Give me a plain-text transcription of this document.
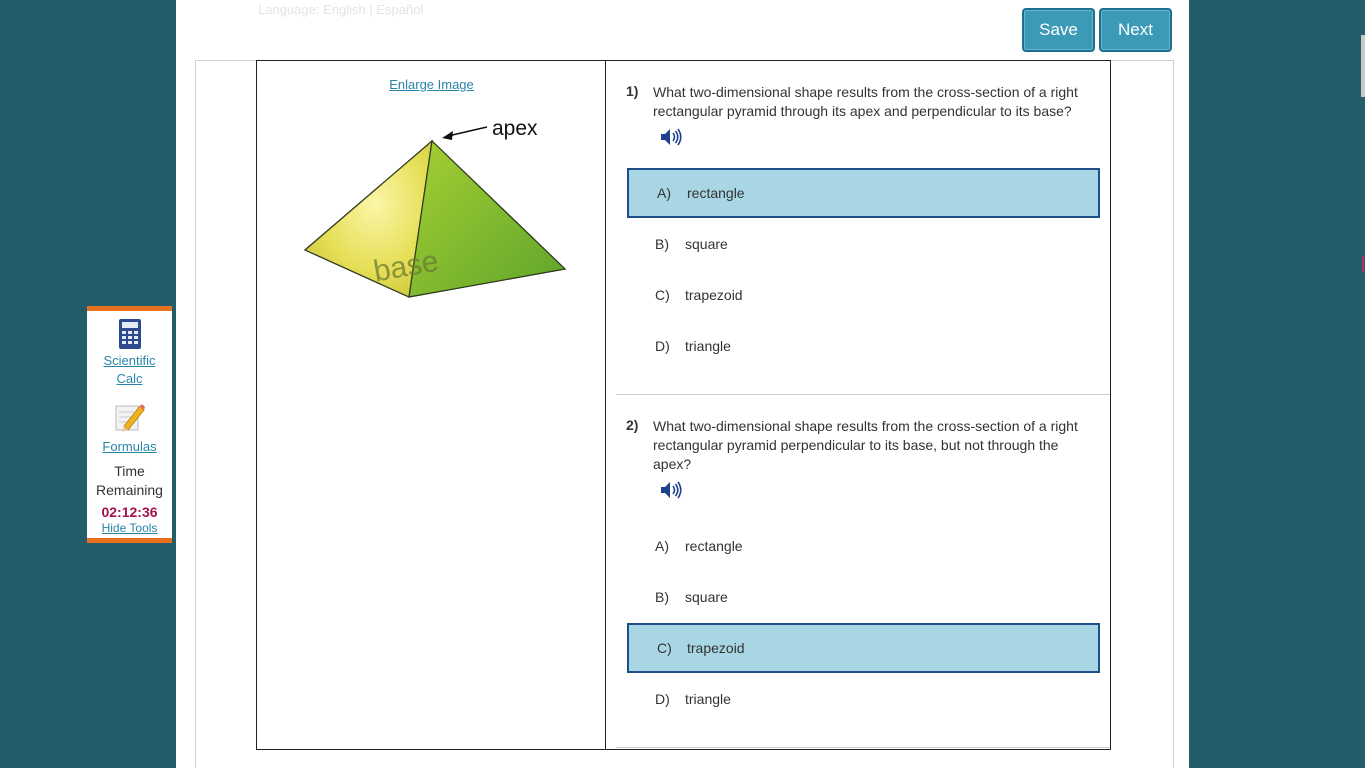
Language: English | Español
Save	Next
Enlarge Image
base
apex
1) What two-dimensional shape results from the cross-section of a right rectangular pyramid through its apex and perpendicular to its base?
A) rectangle
B) square
C) trapezoid
D) triangle
2) What two-dimensional shape results from the cross-section of a right rectangular pyramid perpendicular to its base, but not through the apex?
A) rectangle
B) square
C) trapezoid
D) triangle
Scientific
Calc
Formulas
Time
Remaining
02:12:36
Hide Tools
